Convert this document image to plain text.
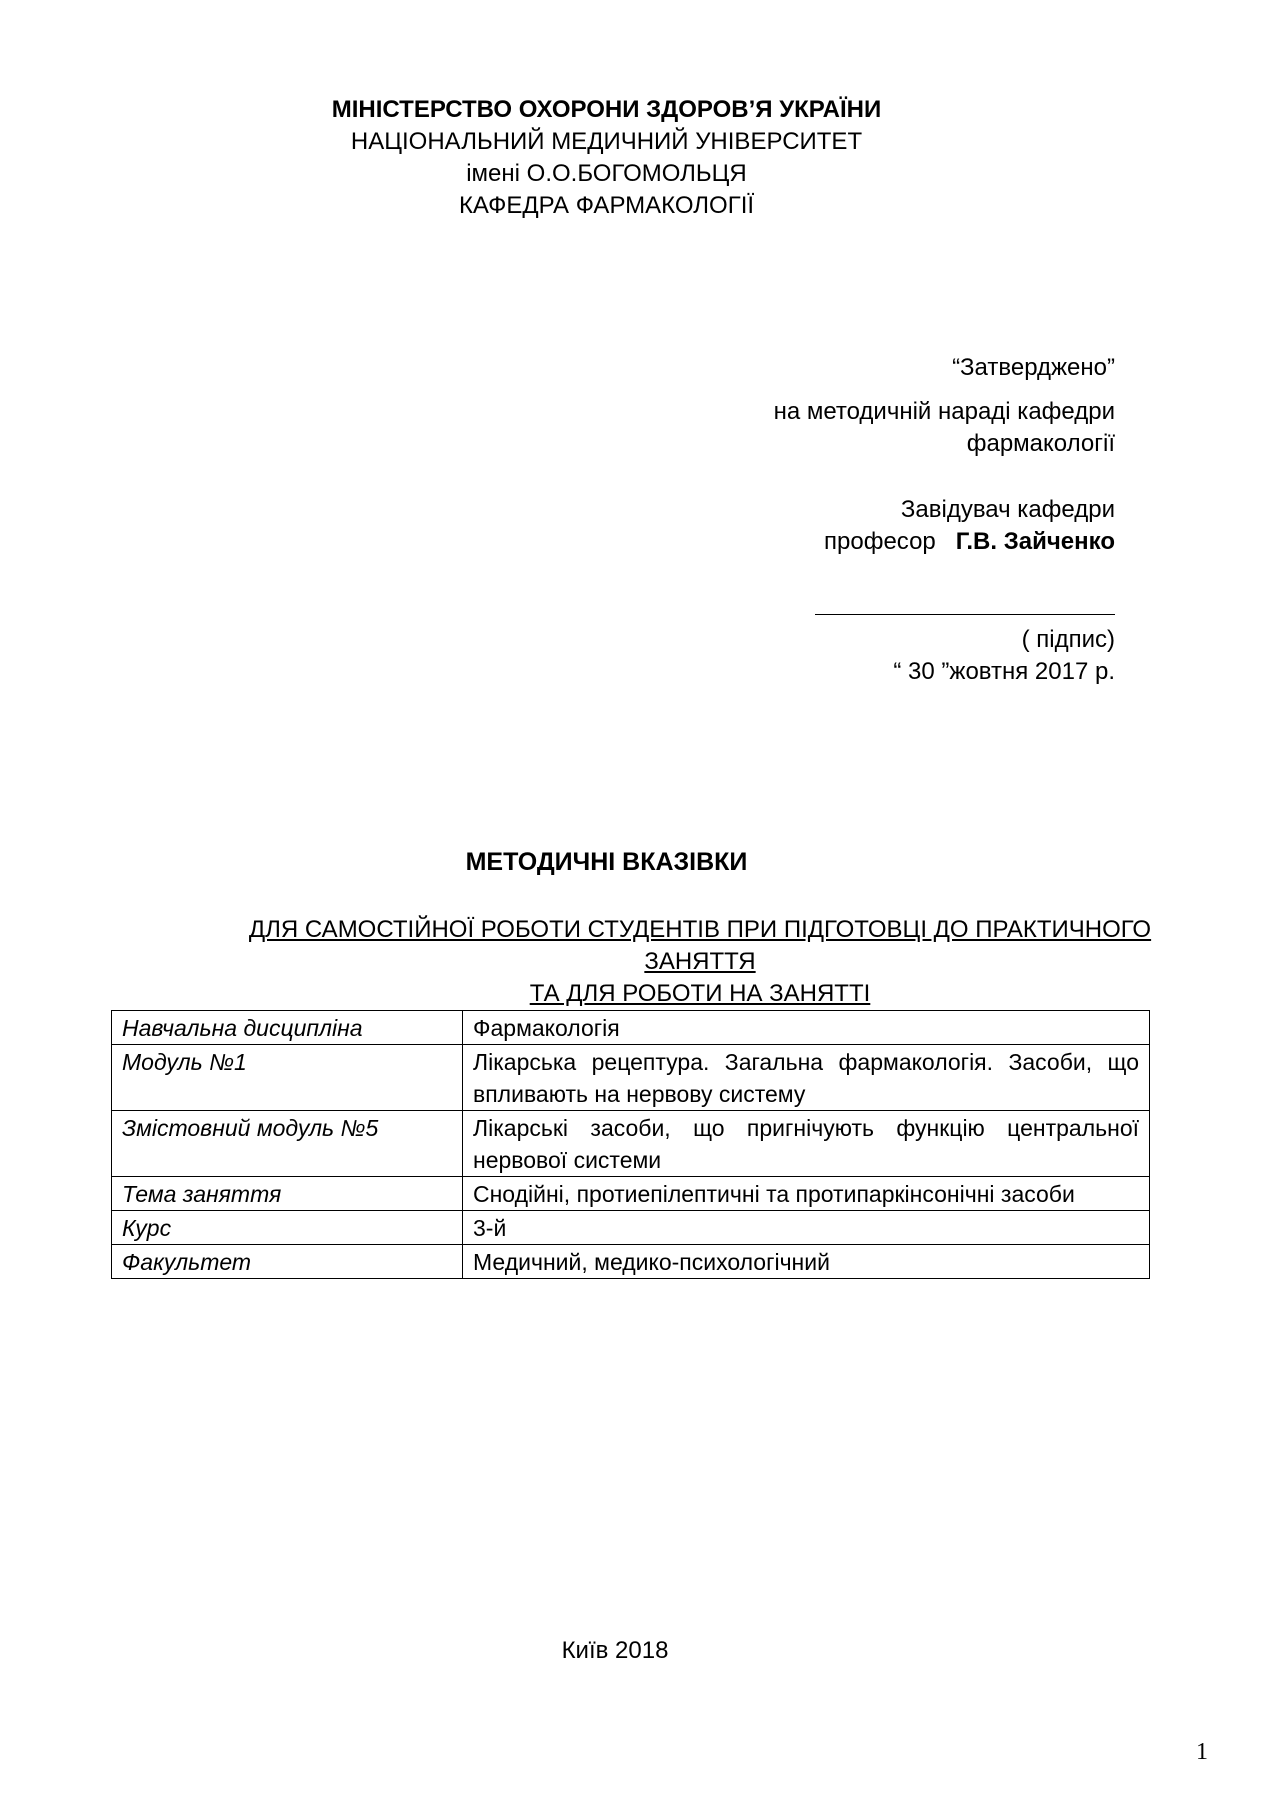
МІНІСТЕРСТВО ОХОРОНИ ЗДОРОВ’Я УКРАЇНИ
НАЦІОНАЛЬНИЙ МЕДИЧНИЙ УНІВЕРСИТЕТ
імені О.О.БОГОМОЛЬЦЯ
КАФЕДРА ФАРМАКОЛОГІЇ
“Затверджено”
на методичній нараді кафедри
фармакології
Завідувач кафедри
професор Г.В. Зайченко
( підпис)
“ 30 ”жовтня 2017 р.
МЕТОДИЧНІ ВКАЗІВКИ
ДЛЯ САМОСТІЙНОЇ РОБОТИ СТУДЕНТІВ ПРИ ПІДГОТОВЦІ ДО ПРАКТИЧНОГО ЗАНЯТТЯ
ТА ДЛЯ РОБОТИ НА ЗАНЯТТІ
Навчальна дисципліна	Фармакологія
Модуль №1	Лікарська рецептура. Загальна фармакологія. Засоби, що впливають на нервову систему
Змістовний модуль №5	Лікарські засоби, що пригнічують функцію центральної нервової системи
Тема заняття	Снодійні, протиепілептичні та протипаркінсонічні засоби
Курс	3-й
Факультет	Медичний, медико-психологічний
Київ 2018
1
